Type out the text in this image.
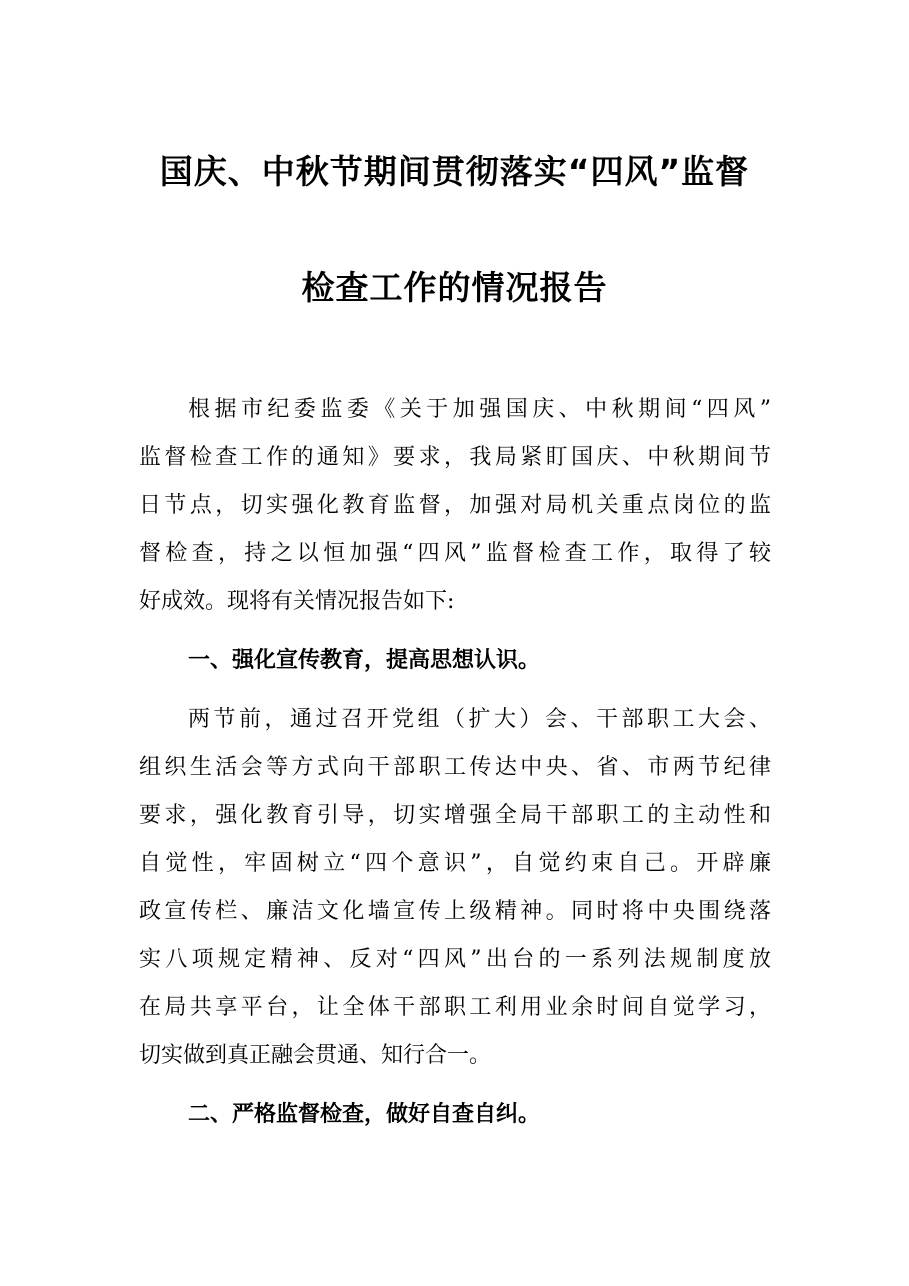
国庆、中秋节期间贯彻落实“四风”监督
检查工作的情况报告
根据市纪委监委《关于加强国庆、中秋期间“四风”
监督检查工作的通知》要求，我局紧盯国庆、中秋期间节
日节点，切实强化教育监督，加强对局机关重点岗位的监
督检查，持之以恒加强“四风”监督检查工作，取得了较
好成效。现将有关情况报告如下:
一、强化宣传教育，提高思想认识。
两节前，通过召开党组（扩大）会、干部职工大会、
组织生活会等方式向干部职工传达中央、省、市两节纪律
要求，强化教育引导，切实增强全局干部职工的主动性和
自觉性，牢固树立“四个意识”，自觉约束自己。开辟廉
政宣传栏、廉洁文化墙宣传上级精神。同时将中央围绕落
实八项规定精神、反对“四风”出台的一系列法规制度放
在局共享平台，让全体干部职工利用业余时间自觉学习，
切实做到真正融会贯通、知行合一。
二、严格监督检查，做好自查自纠。
